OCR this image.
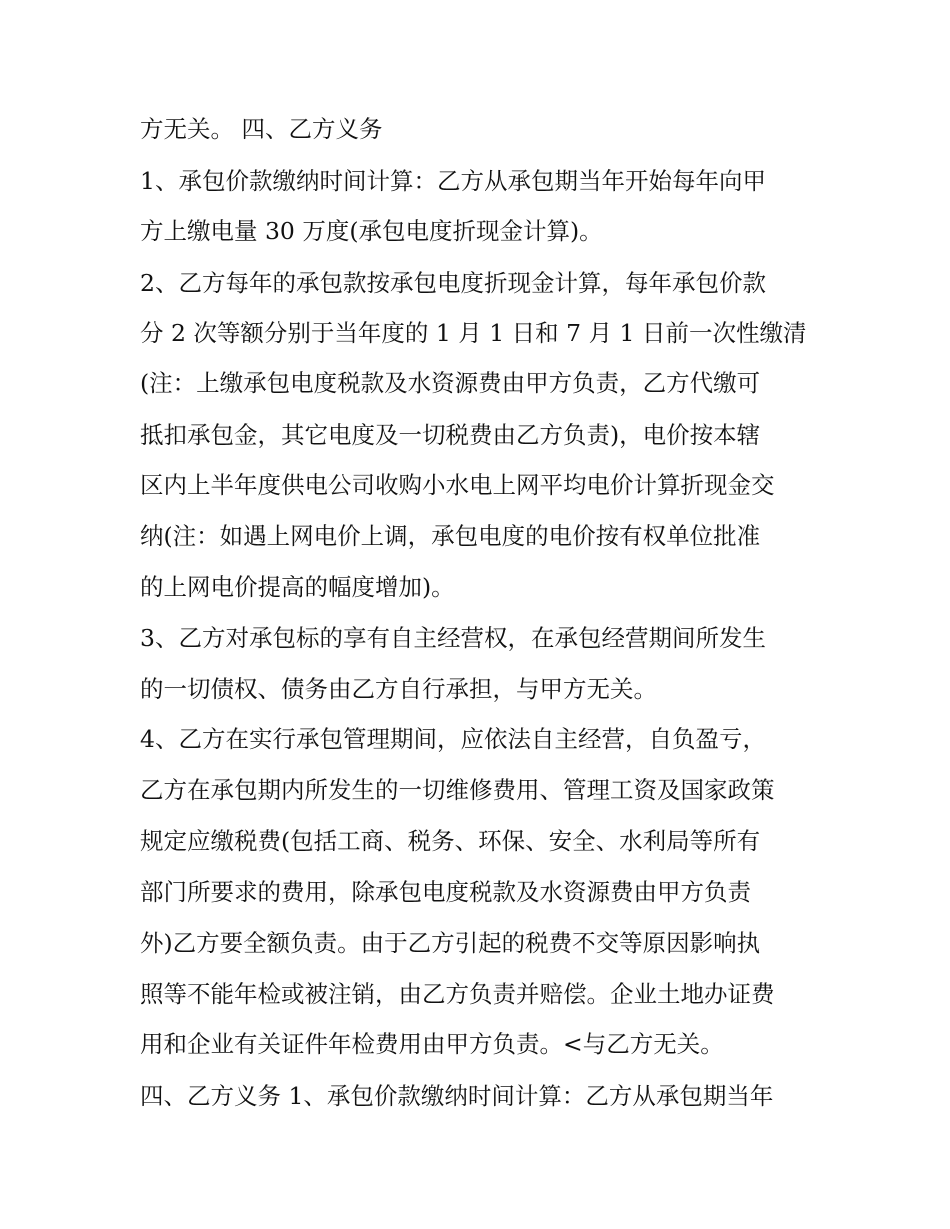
方无关。 四、乙方义务
1、承包价款缴纳时间计算：乙方从承包期当年开始每年向甲
方上缴电量 30 万度(承包电度折现金计算)。
2、乙方每年的承包款按承包电度折现金计算，每年承包价款
分 2 次等额分别于当年度的 1 月 1 日和 7 月 1 日前一次性缴清
(注：上缴承包电度税款及水资源费由甲方负责，乙方代缴可
抵扣承包金，其它电度及一切税费由乙方负责)，电价按本辖
区内上半年度供电公司收购小水电上网平均电价计算折现金交
纳(注：如遇上网电价上调，承包电度的电价按有权单位批准
的上网电价提高的幅度增加)。
3、乙方对承包标的享有自主经营权，在承包经营期间所发生
的一切债权、债务由乙方自行承担，与甲方无关。
4、乙方在实行承包管理期间，应依法自主经营，自负盈亏，
乙方在承包期内所发生的一切维修费用、管理工资及国家政策
规定应缴税费(包括工商、税务、环保、安全、水利局等所有
部门所要求的费用，除承包电度税款及水资源费由甲方负责
外)乙方要全额负责。由于乙方引起的税费不交等原因影响执
照等不能年检或被注销，由乙方负责并赔偿。企业土地办证费
用和企业有关证件年检费用由甲方负责。<与乙方无关。
四、乙方义务 1、承包价款缴纳时间计算：乙方从承包期当年
